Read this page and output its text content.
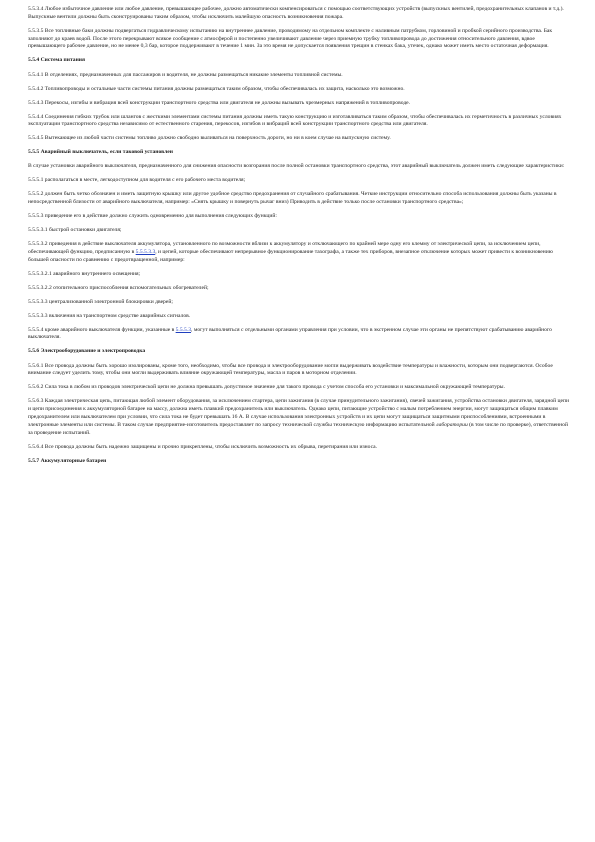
5.5.3.4 Любое избыточное давление или любое давление, превышающее рабочее, должно автоматически компенсироваться с помощью соответствующих устройств (выпускных вентилей, предохранительных клапанов и т.д.). Выпускные вентили должны быть сконструированы таким образом, чтобы исключить малейшую опасность возникновения пожара.

5.5.3.5 Все топливные баки должны подвергаться гидравлическому испытанию на внутреннее давление, проводимому на отдельном комплекте с наливным патрубком, горловиной и пробкой серийного производства. Бак заполняют до краев водой. После этого перекрывают всякое сообщение с атмосферой и постепенно увеличивают давление через приемную трубку топливопровода до достижения относительного давления, вдвое превышающего рабочее давление, но не менее 0,3 бар, которое поддерживают в течение 1 мин. За это время не допускается появления трещин в стенках бака, утечек, однако может иметь место остаточная деформация.

5.5.4 Система питания

5.5.4.1 В отделениях, предназначенных для пассажиров и водителя, не должны размещаться никакие элементы топливной системы.

5.5.4.2 Топливопроводы и остальные части системы питания должны размещаться таким образом, чтобы обеспечивалась их защита, насколько это возможно.

5.5.4.3 Перекосы, изгибы и вибрация всей конструкции транспортного средства или двигателя не должны вызывать чрезмерных напряжений в топливопроводе.

5.5.4.4 Соединения гибких трубок или шлангов с жесткими элементами системы питания должны иметь такую конструкцию и изготавливаться таким образом, чтобы обеспечивалась их герметичность в различных условиях эксплуатации транспортного средства независимо от естественного старения, перекосов, изгибов и вибраций всей конструкции транспортного средства или двигателя.

5.5.4.5 Вытекающее из любой части системы топливо должно свободно выливаться на поверхность дороги, но ни в коем случае на выпускную систему.

5.5.5 Аварийный выключатель, если таковой установлен

В случае установки аварийного выключателя, предназначенного для снижения опасности возгорания после полной остановки транспортного средства, этот аварийный выключатель должен иметь следующие характеристики:

5.5.5.1 располагаться в месте, легкодоступном для водителя с его рабочего места водителя;

5.5.5.2 должен быть четко обозначен и иметь защитную крышку или другое удобное средство предохранения от случайного срабатывания. Четкие инструкции относительно способа использования должны быть указаны в непосредственной близости от аварийного выключателя, например: «Снять крышку и повернуть рычаг вниз) Приводить в действие только после остановки транспортного средства»;

5.5.5.3 приведение его в действие должно служить одновременно для выполнения следующих функций:

5.5.5.3.1 быстрой остановки двигателя;

5.5.5.3.2 приведения в действие выключателя аккумулятора, установленного по возможности вблизи к аккумулятору и отключающего по крайней мере одну его клемму от электрической цепи, за исключением цепи, обеспечивающей функцию, предписанную в 5.5.5.3.3, и цепей, которые обеспечивают непрерывное функционирование тахографа, а также тех приборов, внезапное отключение которых может привести к возникновению большей опасности по сравнению с предотвращенной, например:

5.5.5.3.2.1 аварийного внутреннего освещения;

5.5.5.3.2.2 отопительного приспособления вспомогательных обогревателей;

5.5.5.3.3 централизованной электронной блокировки дверей;

5.5.5.3.3 включения на транспортном средстве аварийных сигналов.

5.5.5.4 кроме аварийного выключателя функции, указанные в 5.5.5.3, могут выполняться с отдельными органами управления при условии, что в экстренном случае эти органы не препятствуют срабатыванию аварийного выключателя.

5.5.6 Электрооборудование и электропроводка

5.5.6.1 Все провода должны быть хорошо изолированы, кроме того, необходимо, чтобы все провода и электрооборудование могли выдерживать воздействие температуры и влажности, которым они подвергаются. Особое внимание следует уделить тому, чтобы они могли выдерживать влияние окружающей температуры, масла и паров в моторном отделении.

5.5.6.2 Сила тока в любом из проводов электрической цепи не должна превышать допустимое значение для такого провода с учетом способа его установки и максимальной окружающей температуры.

5.5.6.3 Каждая электрическая цепь, питающая любой элемент оборудования, за исключением стартера, цепи зажигания (в случае принудительного зажигания), свечей зажигания, устройства остановки двигателя, зарядной цепи и цепи присоединения к аккумуляторной батарее на массу, должна иметь плавкий предохранитель или выключатель. Однако цепи, питающие устройство с малым потреблением энергии, могут защищаться общим плавким предохранителем или выключателем при условии, что сила тока не будет превышать 16 А. В случае использования электронных устройств и их цепи могут защищаться защитными приспособлениями, встроенными в электронные элементы или системы. В таком случае предприятие-изготовитель предоставляет по запросу технической службы техническую информацию испытательной лаборатории (в том числе по проверке), ответственной за проведение испытаний.

5.5.6.4 Все провода должны быть надежно защищены и прочно прикреплены, чтобы исключить возможность их обрыва, перетирания или износа.

5.5.7 Аккумуляторные батареи
